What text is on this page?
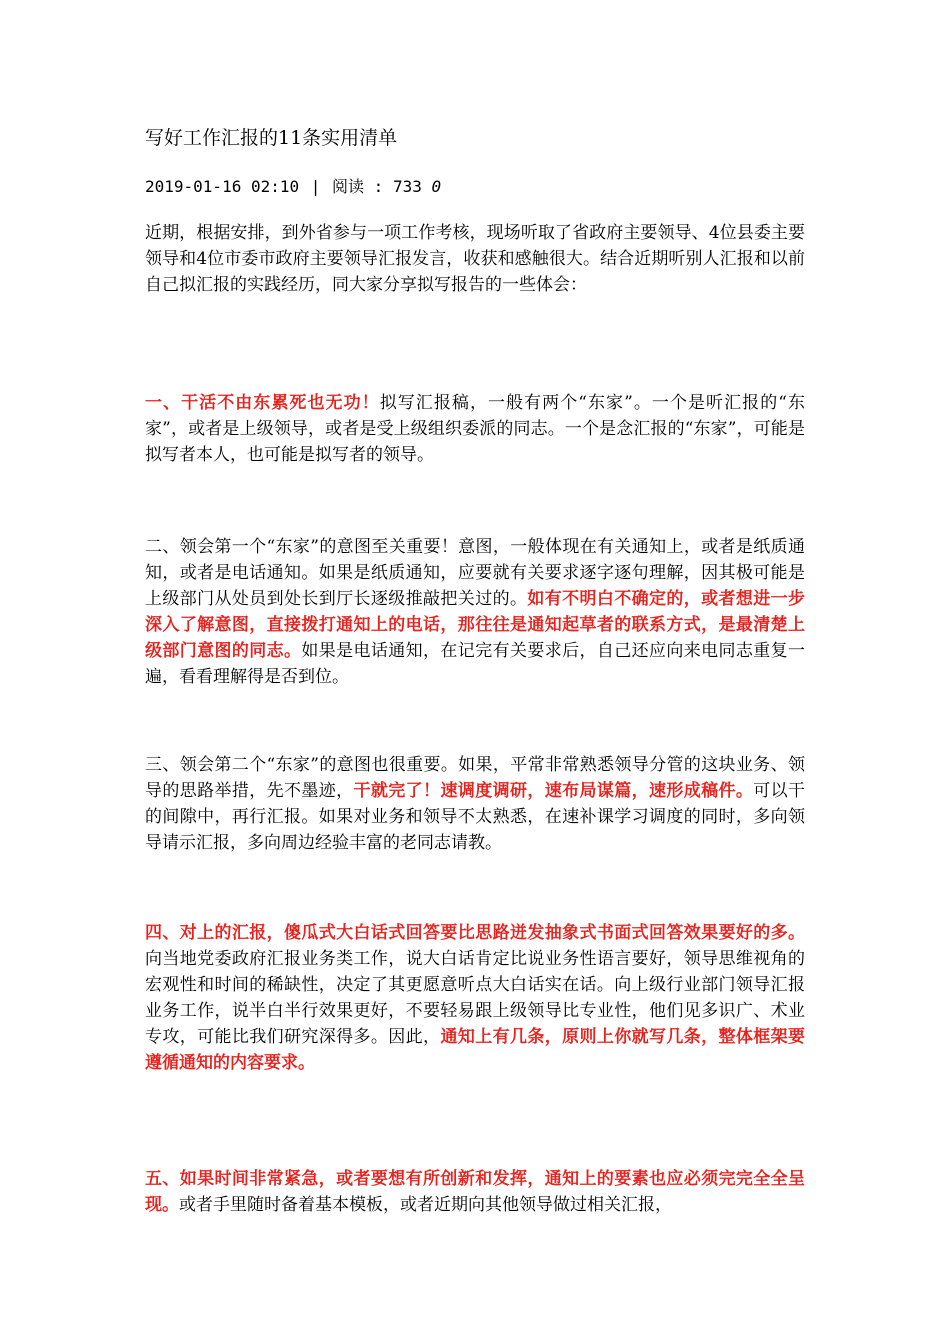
写好工作汇报的11条实用清单
2019-01-16 02:10 | 阅读 : 733 0

近期，根据安排，到外省参与一项工作考核，现场听取了省政府主要领导、4位县委主要领导和4位市委市政府主要领导汇报发言，收获和感触很大。结合近期听别人汇报和以前自己拟汇报的实践经历，同大家分享拟写报告的一些体会：

一、干活不由东累死也无功！拟写汇报稿，一般有两个“东家”。一个是听汇报的“东家”，或者是上级领导，或者是受上级组织委派的同志。一个是念汇报的“东家”，可能是拟写者本人，也可能是拟写者的领导。

二、领会第一个“东家”的意图至关重要！意图，一般体现在有关通知上，或者是纸质通知，或者是电话通知。如果是纸质通知，应要就有关要求逐字逐句理解，因其极可能是上级部门从处员到处长到厅长逐级推敲把关过的。如有不明白不确定的，或者想进一步深入了解意图，直接拨打通知上的电话，那往往是通知起草者的联系方式，是最清楚上级部门意图的同志。如果是电话通知，在记完有关要求后，自己还应向来电同志重复一遍，看看理解得是否到位。

三、领会第二个“东家”的意图也很重要。如果，平常非常熟悉领导分管的这块业务、领导的思路举措，先不墨迹，干就完了！速调度调研，速布局谋篇，速形成稿件。可以干的间隙中，再行汇报。如果对业务和领导不太熟悉，在速补课学习调度的同时，多向领导请示汇报，多向周边经验丰富的老同志请教。

四、对上的汇报，傻瓜式大白话式回答要比思路迸发抽象式书面式回答效果要好的多。向当地党委政府汇报业务类工作，说大白话肯定比说业务性语言要好，领导思维视角的宏观性和时间的稀缺性，决定了其更愿意听点大白话实在话。向上级行业部门领导汇报业务工作，说半白半行效果更好，不要轻易跟上级领导比专业性，他们见多识广、术业专攻，可能比我们研究深得多。因此，通知上有几条，原则上你就写几条，整体框架要遵循通知的内容要求。

五、如果时间非常紧急，或者要想有所创新和发挥，通知上的要素也应必须完完全全呈现。或者手里随时备着基本模板，或者近期向其他领导做过相关汇报，
